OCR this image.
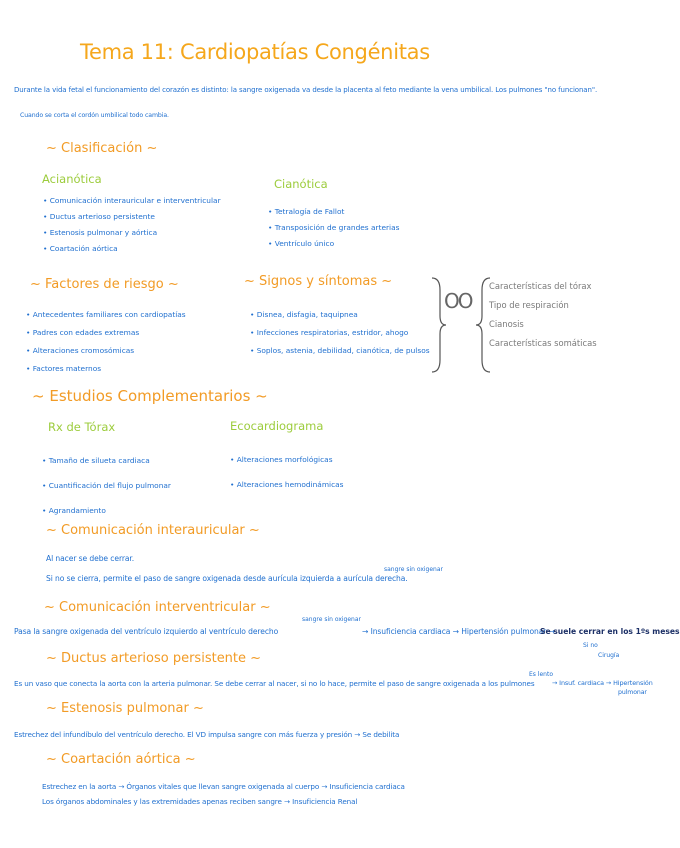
Tema 11: Cardiopatías Congénitas
Durante la vida fetal el funcionamiento del corazón es distinto: la sangre oxigenada va desde la placenta al feto mediante la vena umbilical. Los pulmones "no funcionan".
Cuando se corta el cordón umbilical todo cambia.
~ Clasificación ~
Acianótica
• Comunicación interauricular e interventricular
• Ductus arterioso persistente
• Estenosis pulmonar y aórtica
• Coartación aórtica
Cianótica
• Tetralogía de Fallot
• Transposición de grandes arterias
• Ventrículo único
~ Factores de riesgo ~
• Antecedentes familiares con cardiopatías
• Padres con edades extremas
• Alteraciones cromosómicas
• Factores maternos
~ Signos y síntomas ~
• Disnea, disfagia, taquipnea
• Infecciones respiratorias, estridor, ahogo
• Soplos, astenia, debilidad, cianótica, de pulsos
OO
Características del tórax
Tipo de respiración
Cianosis
Características somáticas
~ Estudios Complementarios ~
Rx de Tórax
• Tamaño de silueta cardiaca
• Cuantificación del flujo pulmonar
• Agrandamiento
Ecocardiograma
• Alteraciones morfológicas
• Alteraciones hemodinámicas
~ Comunicación interauricular ~
Al nacer se debe cerrar.
Si no se cierra, permite el paso de sangre oxigenada desde aurícula izquierda a aurícula derecha.
sangre sin oxigenar
~ Comunicación interventricular ~
Pasa la sangre oxigenada del ventrículo izquierdo al ventrículo derecho
sangre sin oxigenar
→ Insuficiencia cardiaca → Hipertensión pulmonar →
Se suele cerrar en los 1ºs meses
Si no
Cirugía
~ Ductus arterioso persistente ~
Es un vaso que conecta la aorta con la arteria pulmonar. Se debe cerrar al nacer, si no lo hace, permite el paso de sangre oxigenada a los pulmones
Es lento
→ Insuf. cardiaca → Hipertensión
pulmonar
~ Estenosis pulmonar ~
Estrechez del infundíbulo del ventrículo derecho. El VD impulsa sangre con más fuerza y presión → Se debilita
~ Coartación aórtica ~
Estrechez en la aorta → Órganos vitales que llevan sangre oxigenada al cuerpo → Insuficiencia cardiaca
Los órganos abdominales y las extremidades apenas reciben sangre → Insuficiencia Renal
